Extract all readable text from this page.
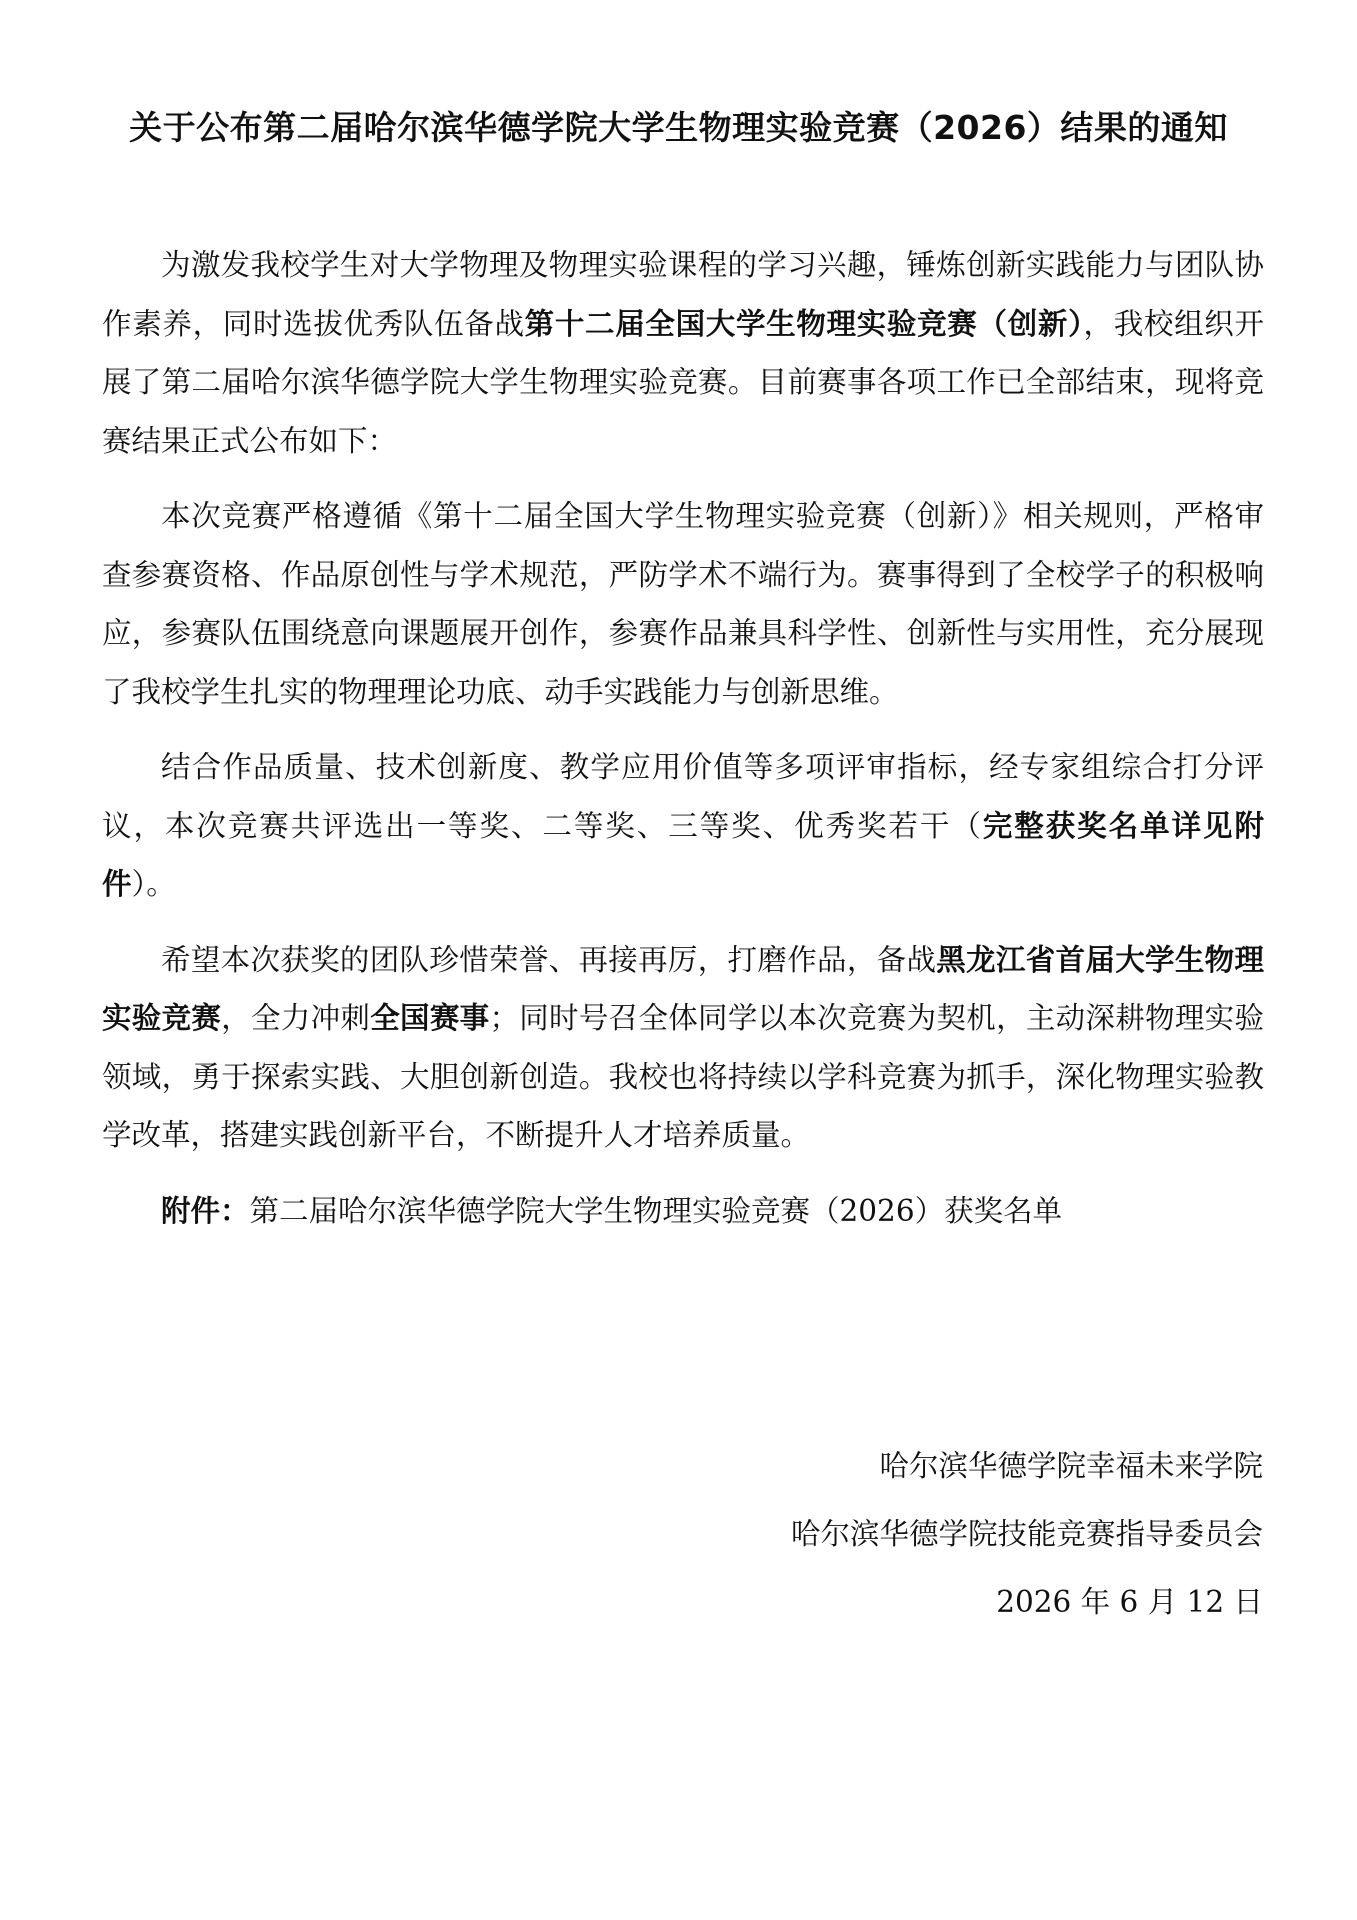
关于公布第二届哈尔滨华德学院大学生物理实验竞赛（2026）结果的通知

为激发我校学生对大学物理及物理实验课程的学习兴趣，锤炼创新实践能力与团队协作素养，同时选拔优秀队伍备战第十二届全国大学生物理实验竞赛（创新），我校组织开展了第二届哈尔滨华德学院大学生物理实验竞赛。目前赛事各项工作已全部结束，现将竞赛结果正式公布如下：

本次竞赛严格遵循《第十二届全国大学生物理实验竞赛（创新）》相关规则，严格审查参赛资格、作品原创性与学术规范，严防学术不端行为。赛事得到了全校学子的积极响应，参赛队伍围绕意向课题展开创作，参赛作品兼具科学性、创新性与实用性，充分展现了我校学生扎实的物理理论功底、动手实践能力与创新思维。

结合作品质量、技术创新度、教学应用价值等多项评审指标，经专家组综合打分评议，本次竞赛共评选出一等奖、二等奖、三等奖、优秀奖若干（完整获奖名单详见附件）。

希望本次获奖的团队珍惜荣誉、再接再厉，打磨作品，备战黑龙江省首届大学生物理实验竞赛，全力冲刺全国赛事；同时号召全体同学以本次竞赛为契机，主动深耕物理实验领域，勇于探索实践、大胆创新创造。我校也将持续以学科竞赛为抓手，深化物理实验教学改革，搭建实践创新平台，不断提升人才培养质量。

附件：第二届哈尔滨华德学院大学生物理实验竞赛（2026）获奖名单

哈尔滨华德学院幸福未来学院
哈尔滨华德学院技能竞赛指导委员会
2026 年 6 月 12 日
